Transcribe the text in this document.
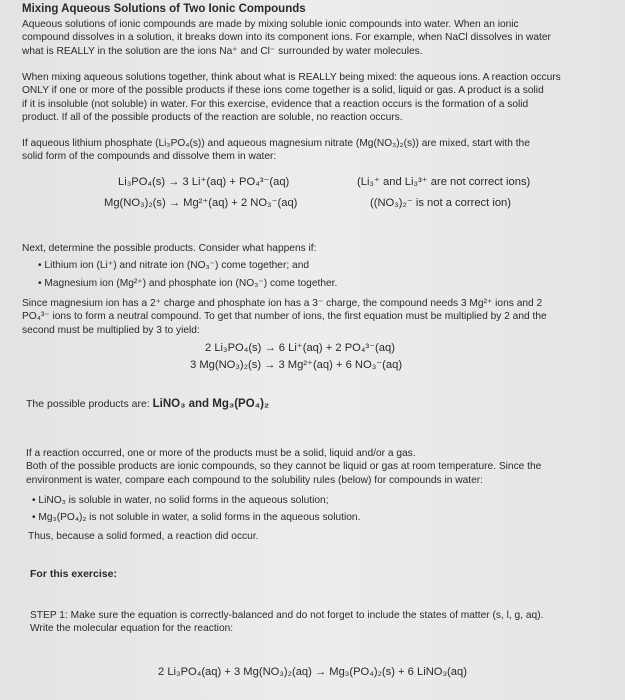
Mixing Aqueous Solutions of Two Ionic Compounds
Aqueous solutions of ionic compounds are made by mixing soluble ionic compounds into water. When an ionic
compound dissolves in a solution, it breaks down into its component ions. For example, when NaCl dissolves in water
what is REALLY in the solution are the ions Na⁺ and Cl⁻ surrounded by water molecules.
When mixing aqueous solutions together, think about what is REALLY being mixed: the aqueous ions. A reaction occurs
ONLY if one or more of the possible products if these ions come together is a solid, liquid or gas. A product is a solid
if it is insoluble (not soluble) in water. For this exercise, evidence that a reaction occurs is the formation of a solid
product. If all of the possible products of the reaction are soluble, no reaction occurs.
If aqueous lithium phosphate (Li₃PO₄(s)) and aqueous magnesium nitrate (Mg(NO₃)₂(s)) are mixed, start with the
solid form of the compounds and dissolve them in water:
Li₃PO₄(s) → 3 Li⁺(aq) + PO₄³⁻(aq)
Mg(NO₃)₂(s) → Mg²⁺(aq) + 2 NO₃⁻(aq)
(Li₃⁺ and Li₃³⁺ are not correct ions)
((NO₃)₂⁻ is not a correct ion)
Next, determine the possible products. Consider what happens if:
• Lithium ion (Li⁺) and nitrate ion (NO₃⁻) come together; and
• Magnesium ion (Mg²⁺) and phosphate ion (NO₃⁻) come together.
Since magnesium ion has a 2⁺ charge and phosphate ion has a 3⁻ charge, the compound needs 3 Mg²⁺ ions and 2
PO₄³⁻ ions to form a neutral compound. To get that number of ions, the first equation must be multiplied by 2 and the
second must be multiplied by 3 to yield:
2 Li₃PO₄(s) → 6 Li⁺(aq) + 2 PO₄³⁻(aq)
3 Mg(NO₃)₂(s) → 3 Mg²⁺(aq) + 6 NO₃⁻(aq)
The possible products are: LiNO₃ and Mg₃(PO₄)₂
If a reaction occurred, one or more of the products must be a solid, liquid and/or a gas.
Both of the possible products are ionic compounds, so they cannot be liquid or gas at room temperature. Since the
environment is water, compare each compound to the solubility rules (below) for compounds in water:
• LiNO₃ is soluble in water, no solid forms in the aqueous solution;
• Mg₃(PO₄)₂ is not soluble in water, a solid forms in the aqueous solution.
Thus, because a solid formed, a reaction did occur.
For this exercise:
STEP 1: Make sure the equation is correctly-balanced and do not forget to include the states of matter (s, l, g, aq).
Write the molecular equation for the reaction:
2 Li₃PO₄(aq) + 3 Mg(NO₃)₂(aq) → Mg₃(PO₄)₂(s) + 6 LiNO₃(aq)
